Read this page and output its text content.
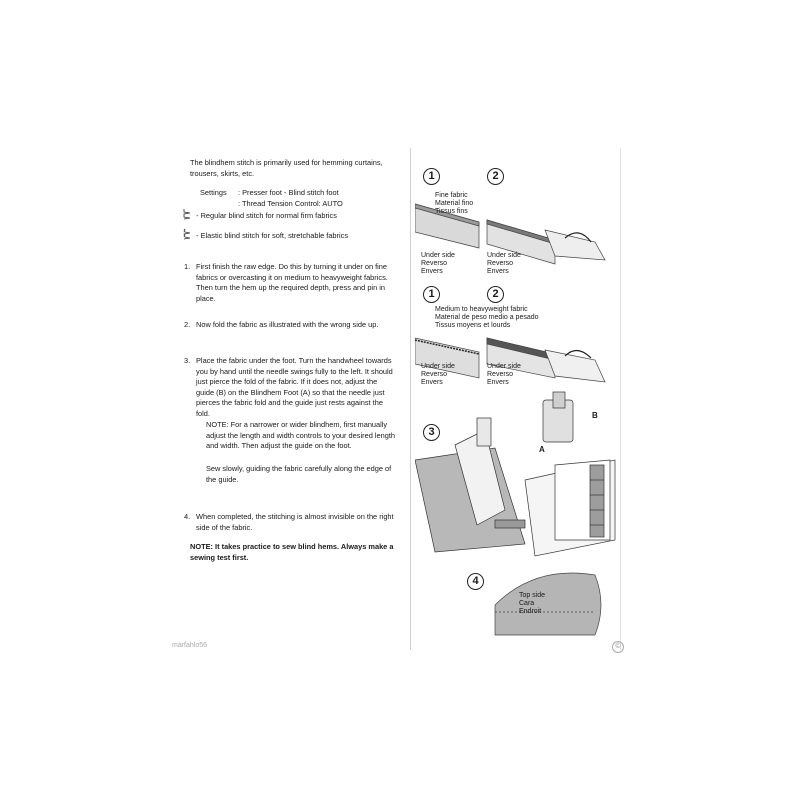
The blindhem stitch is primarily used for hemming curtains, trousers, skirts, etc.
Settings : Presser foot - Blind stitch foot
: Thread Tension Control: AUTO
- Regular blind stitch for normal firm fabrics
- Elastic blind stitch for soft, stretchable fabrics
1. First finish the raw edge. Do this by turning it under on fine fabrics or overcasting it on medium to heavyweight fabrics. Then turn the hem up the required depth, press and pin in place.
2. Now fold the fabric as illustrated with the wrong side up.
3. Place the fabric under the foot. Turn the handwheel towards you by hand until the needle swings fully to the left. It should just pierce the fold of the fabric. If it does not, adjust the guide (B) on the Blindhem Foot (A) so that the needle just pierces the fabric fold and the guide just rests against the fold.
NOTE: For a narrower or wider blindhem, first manually adjust the length and width controls to your desired length and width. Then adjust the guide on the foot.
Sew slowly, guiding the fabric carefully along the edge of the guide.
4. When completed, the stitching is almost invisible on the right side of the fabric.
NOTE: It takes practice to sew blind hems. Always make a sewing test first.
1	2
Fine fabric
Material fino
Tissus fins
Under side
Reverso
Envers
Under side
Reverso
Envers
1	2
Medium to heavyweight fabric
Material de peso medio a pesado
Tissus moyens et lourds
Under side
Reverso
Envers
Under side
Reverso
Envers
3
A
B
4
Top side
Cara
Endroit
marfahlo56	©
